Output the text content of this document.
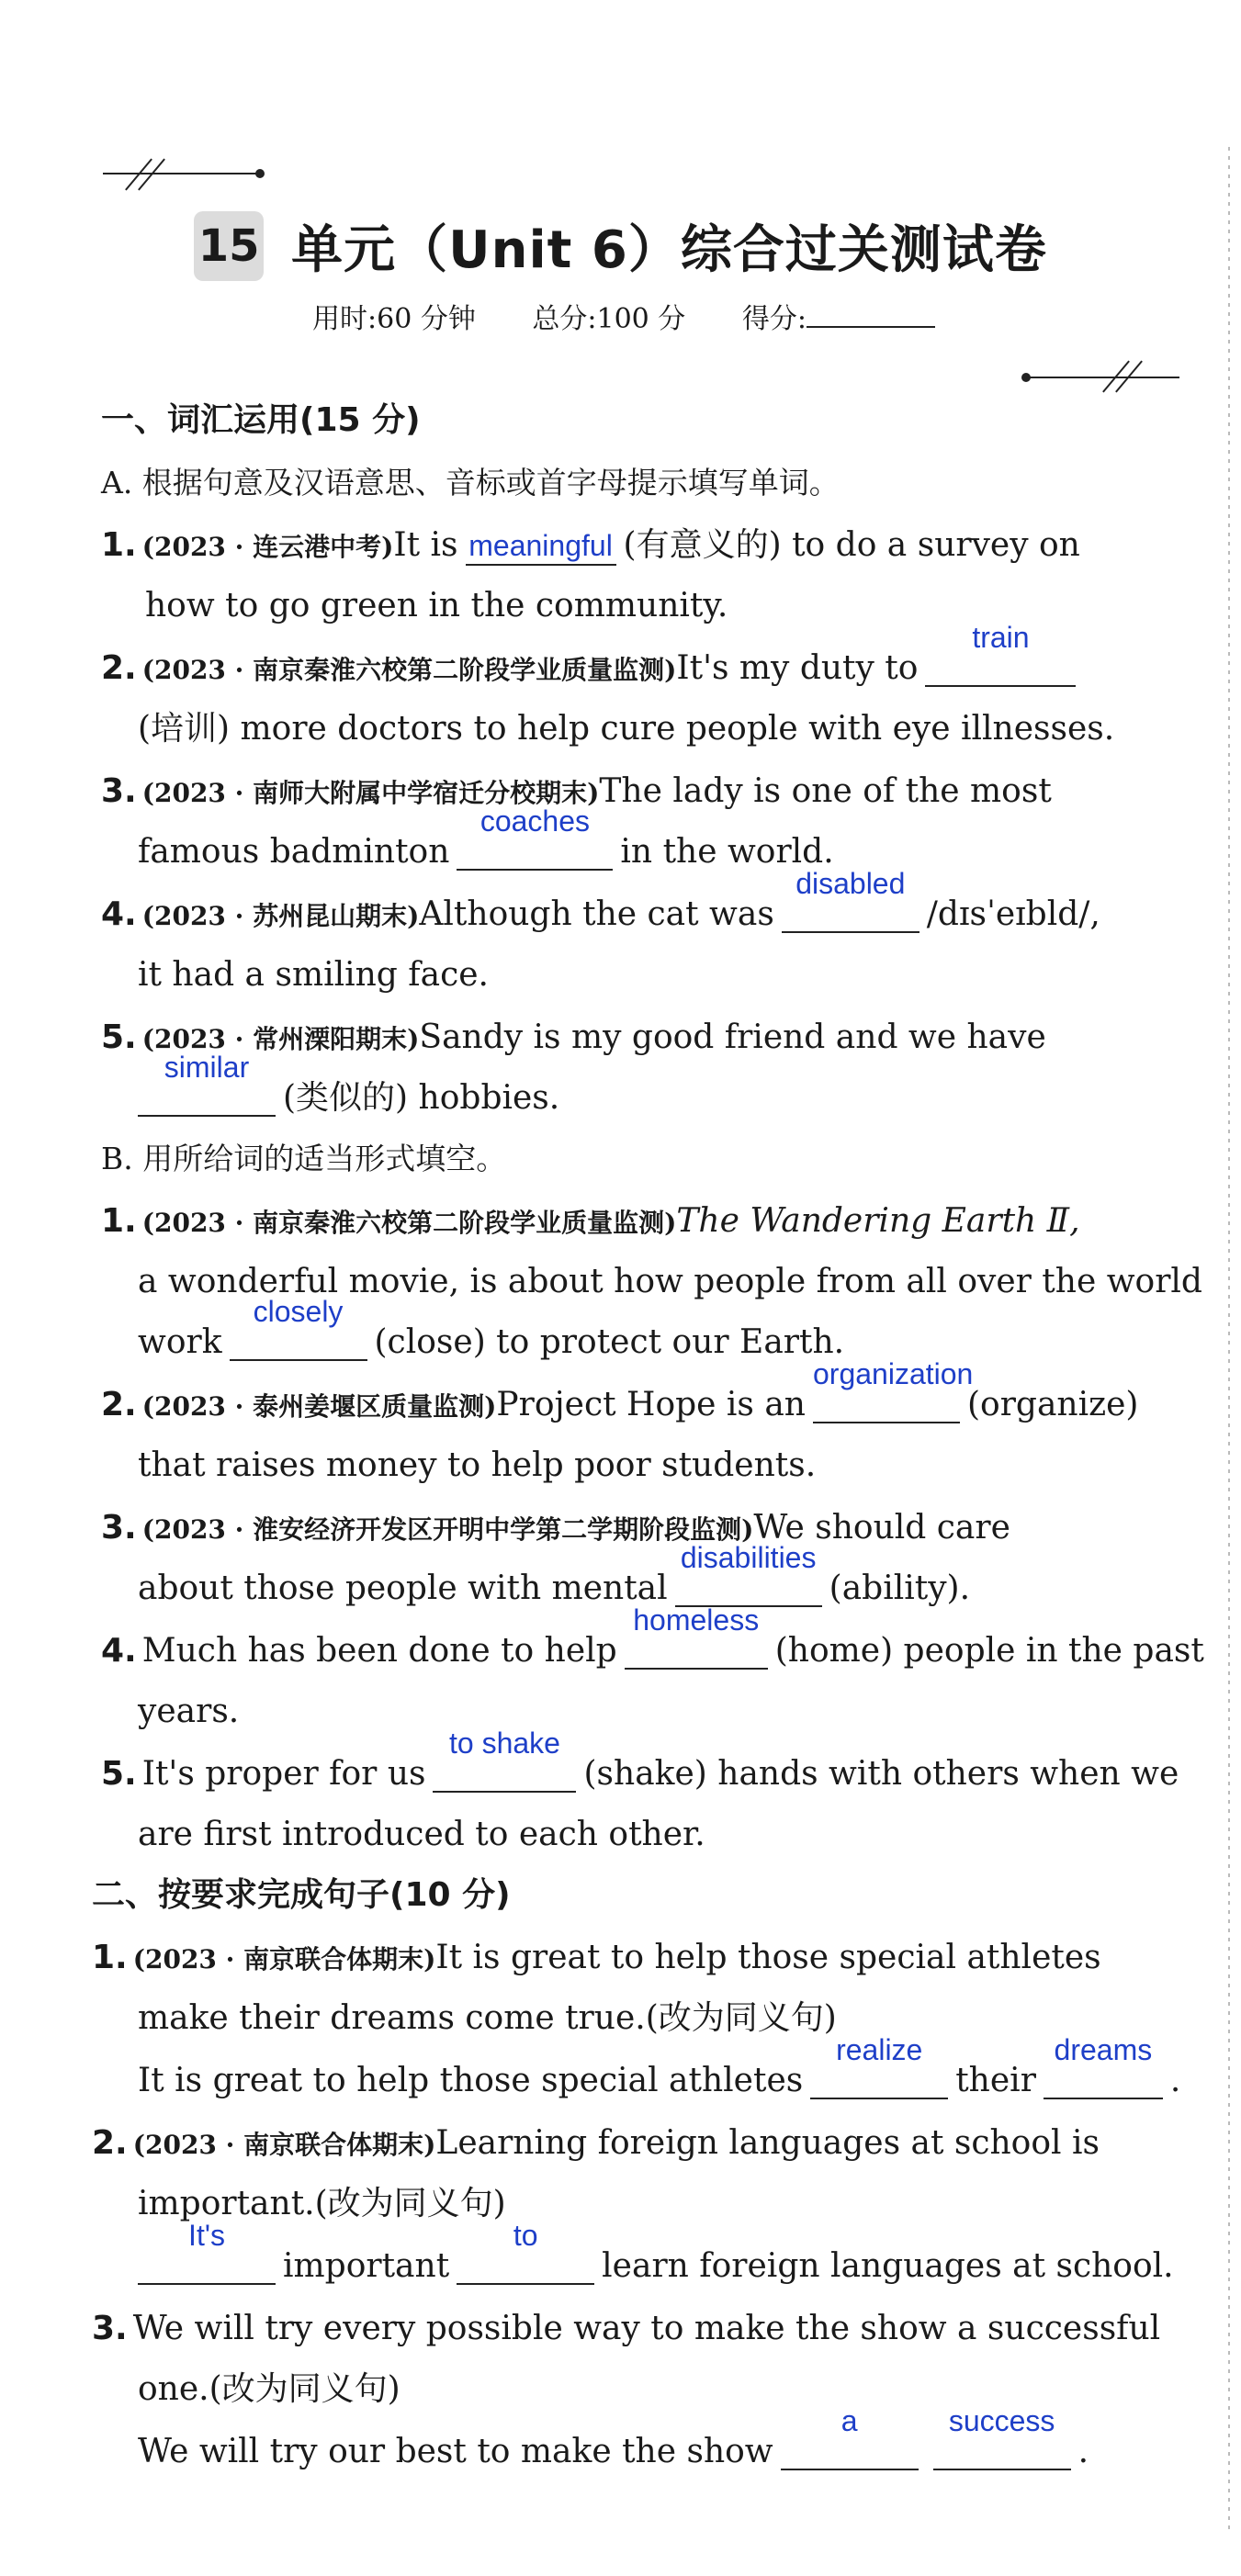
15 单元（Unit 6）综合过关测试卷
用时:60 分钟 总分:100 分 得分:
一、词汇运用(15 分)
A. 根据句意及汉语意思、音标或首字母提示填写单词。
1. (2023 · 连云港中考)It is meaningful (有意义的) to do a survey on
how to go green in the community.
2. (2023 · 南京秦淮六校第二阶段学业质量监测)It's my duty totrain
(培训) more doctors to help cure people with eye illnesses.
3. (2023 · 南师大附属中学宿迁分校期末)The lady is one of the most
famous badmintoncoachesin the world.
4. (2023 · 苏州昆山期末)Although the cat wasdisabled/dɪsˈeɪbld/,
it had a smiling face.
5. (2023 · 常州溧阳期末)Sandy is my good friend and we have
similar(类似的) hobbies.
B. 用所给词的适当形式填空。
1. (2023 · 南京秦淮六校第二阶段学业质量监测)The Wandering Earth Ⅱ,
a wonderful movie, is about how people from all over the world
workclosely(close) to protect our Earth.
2. (2023 · 泰州姜堰区质量监测)Project Hope is anorganization(organize)
that raises money to help poor students.
3. (2023 · 淮安经济开发区开明中学第二学期阶段监测)We should care
about those people with mentaldisabilities(ability).
4. Much has been done to helphomeless(home) people in the past
years.
5. It's proper for usto shake(shake) hands with others when we
are first introduced to each other.
二、按要求完成句子(10 分)
1. (2023 · 南京联合体期末)It is great to help those special athletes
make their dreams come true.(改为同义句)
It is great to help those special athletesrealizetheirdreams.
2. (2023 · 南京联合体期末)Learning foreign languages at school is
important.(改为同义句)
It'simportanttolearn foreign languages at school.
3. We will try every possible way to make the show a successful
one.(改为同义句)
We will try our best to make the showa	success.
